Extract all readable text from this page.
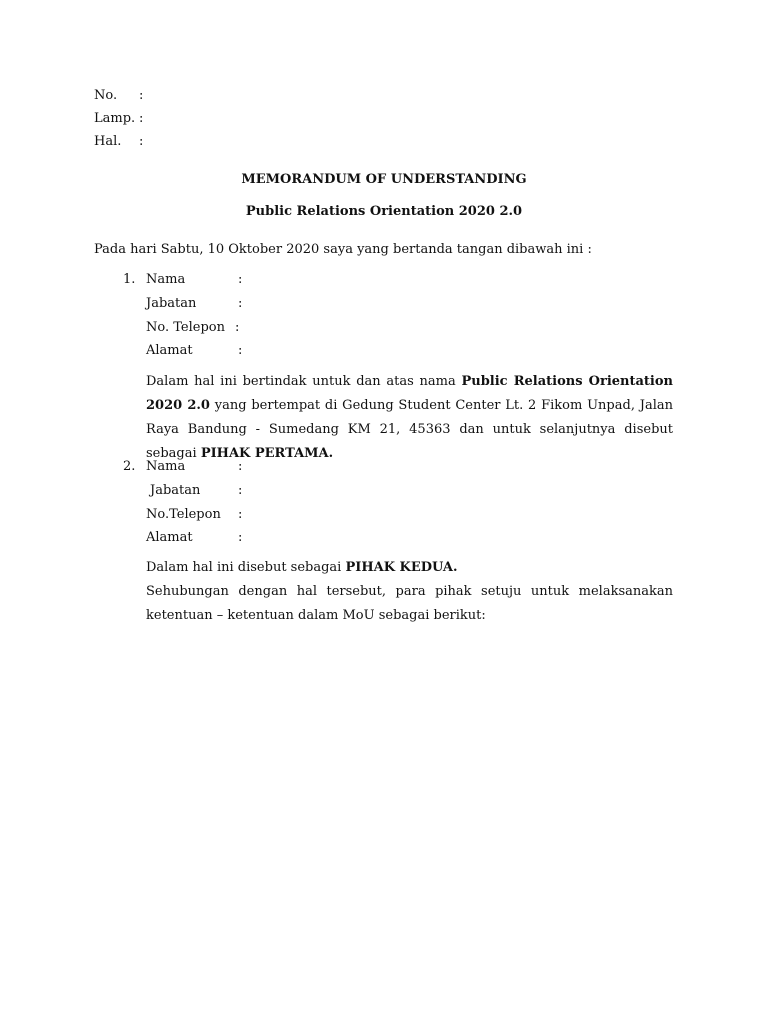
No. :
Lamp. :
Hal. :
MEMORANDUM OF UNDERSTANDING
Public Relations Orientation 2020 2.0
Pada hari Sabtu, 10 Oktober 2020 saya yang bertanda tangan dibawah ini :
1. Nama	:
Jabatan	:
No. Telepon :
Alamat	:
Dalam hal ini bertindak untuk dan atas nama Public Relations Orientation 2020 2.0 yang bertempat di Gedung Student Center Lt. 2 Fikom Unpad, Jalan Raya Bandung - Sumedang KM 21, 45363 dan untuk selanjutnya disebut sebagai PIHAK PERTAMA.
2. Nama	:
Jabatan	:
No.Telepon :
Alamat	:
Dalam hal ini disebut sebagai PIHAK KEDUA.
Sehubungan dengan hal tersebut, para pihak setuju untuk melaksanakan ketentuan – ketentuan dalam MoU sebagai berikut:
